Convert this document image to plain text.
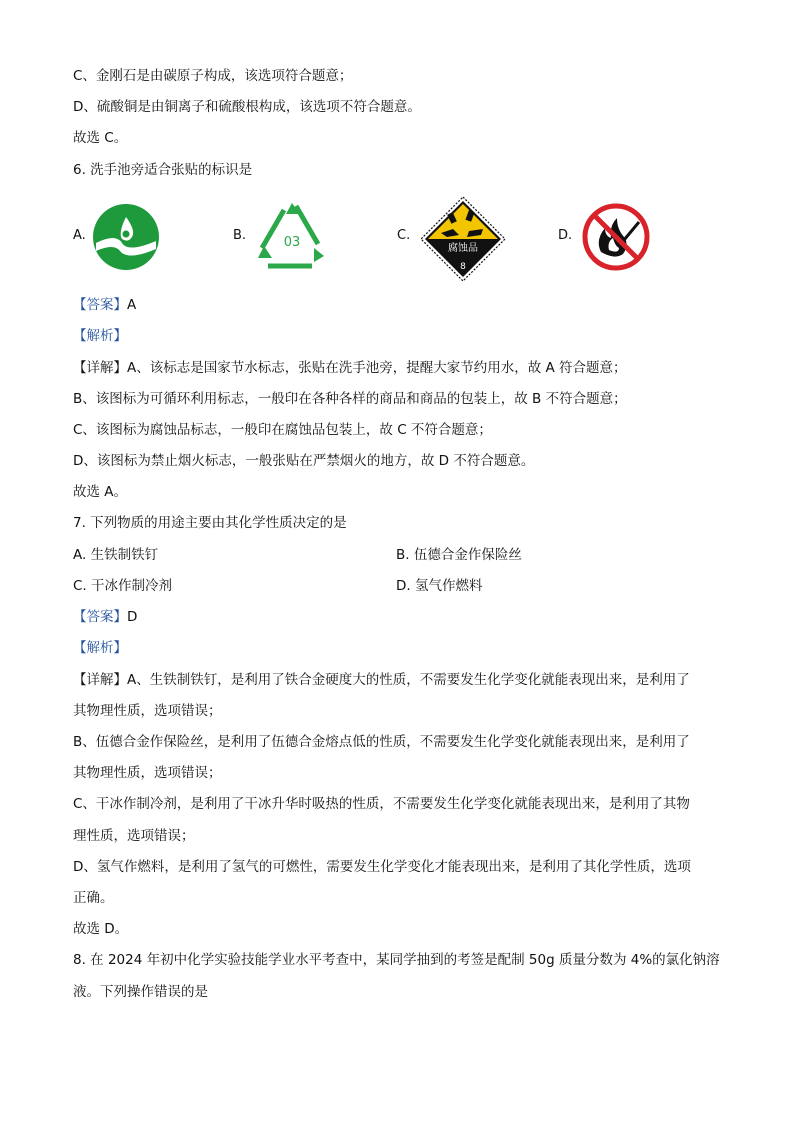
C、金刚石是由碳原子构成，该选项符合题意；
D、硫酸铜是由铜离子和硫酸根构成，该选项不符合题意。
故选 C。
6. 洗手池旁适合张贴的标识是
A.	B.	03	C.
腐蚀品
8
D.
【答案】A
【解析】
【详解】A、该标志是国家节水标志，张贴在洗手池旁，提醒大家节约用水，故 A 符合题意；
B、该图标为可循环利用标志，一般印在各种各样的商品和商品的包装上，故 B 不符合题意；
C、该图标为腐蚀品标志，一般印在腐蚀品包装上，故 C 不符合题意；
D、该图标为禁止烟火标志，一般张贴在严禁烟火的地方，故 D 不符合题意。
故选 A。
7. 下列物质的用途主要由其化学性质决定的是
A. 生铁制铁钉	B. 伍德合金作保险丝
C. 干冰作制冷剂	D. 氢气作燃料
【答案】D
【解析】
【详解】A、生铁制铁钉，是利用了铁合金硬度大的性质，不需要发生化学变化就能表现出来，是利用了
其物理性质，选项错误；
B、伍德合金作保险丝，是利用了伍德合金熔点低的性质，不需要发生化学变化就能表现出来，是利用了
其物理性质，选项错误；
C、干冰作制冷剂，是利用了干冰升华时吸热的性质，不需要发生化学变化就能表现出来，是利用了其物
理性质，选项错误；
D、氢气作燃料，是利用了氢气的可燃性，需要发生化学变化才能表现出来，是利用了其化学性质，选项
正确。
故选 D。
8. 在 2024 年初中化学实验技能学业水平考查中，某同学抽到的考签是配制 50g 质量分数为 4%的氯化钠溶
液。下列操作错误的是
